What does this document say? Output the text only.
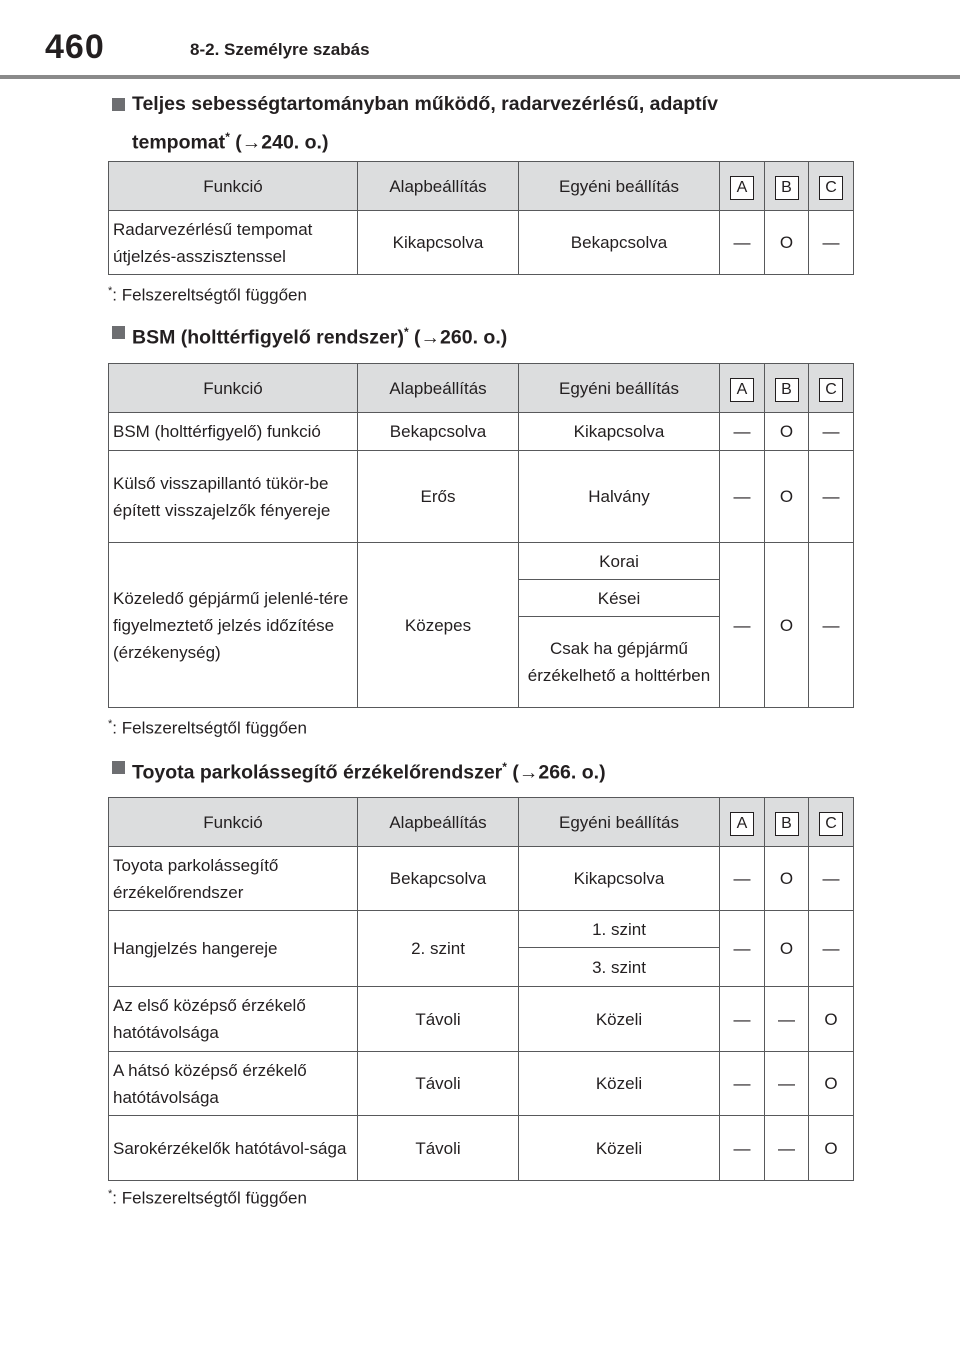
460	8-2. Személyre szabás
Teljes sebességtartományban működő, radarvezérlésű, adaptív
tempomat* (→240. o.)
Funkció	Alapbeállítás	Egyéni beállítás	A	B	C
Radarvezérlésű tempomat útjelzés-asszisztenssel	Kikapcsolva	Bekapcsolva	—	O	—
*: Felszereltségtől függően
BSM (holttérfigyelő rendszer)* (→260. o.)
Funkció	Alapbeállítás	Egyéni beállítás	A	B	C
BSM (holttérfigyelő) funkció	Bekapcsolva	Kikapcsolva	—	O	—
Külső visszapillantó tükör-be épített visszajelzők fényereje	Erős	Halvány	—	O	—
Közeledő gépjármű jelenlé-tére figyelmeztető jelzés időzítése (érzékenység)	Közepes	Korai	—	O	—
		Kései			
		Csak ha gépjármű érzékelhető a holttérben			
*: Felszereltségtől függően
Toyota parkolássegítő érzékelőrendszer* (→266. o.)
Funkció	Alapbeállítás	Egyéni beállítás	A	B	C
Toyota parkolássegítő érzékelőrendszer	Bekapcsolva	Kikapcsolva	—	O	—
Hangjelzés hangereje	2. szint	1. szint	—	O	—
		3. szint			
Az első középső érzékelő hatótávolsága	Távoli	Közeli	—	—	O
A hátsó középső érzékelő hatótávolsága	Távoli	Közeli	—	—	O
Sarokérzékelők hatótávol-sága	Távoli	Közeli	—	—	O
*: Felszereltségtől függően
